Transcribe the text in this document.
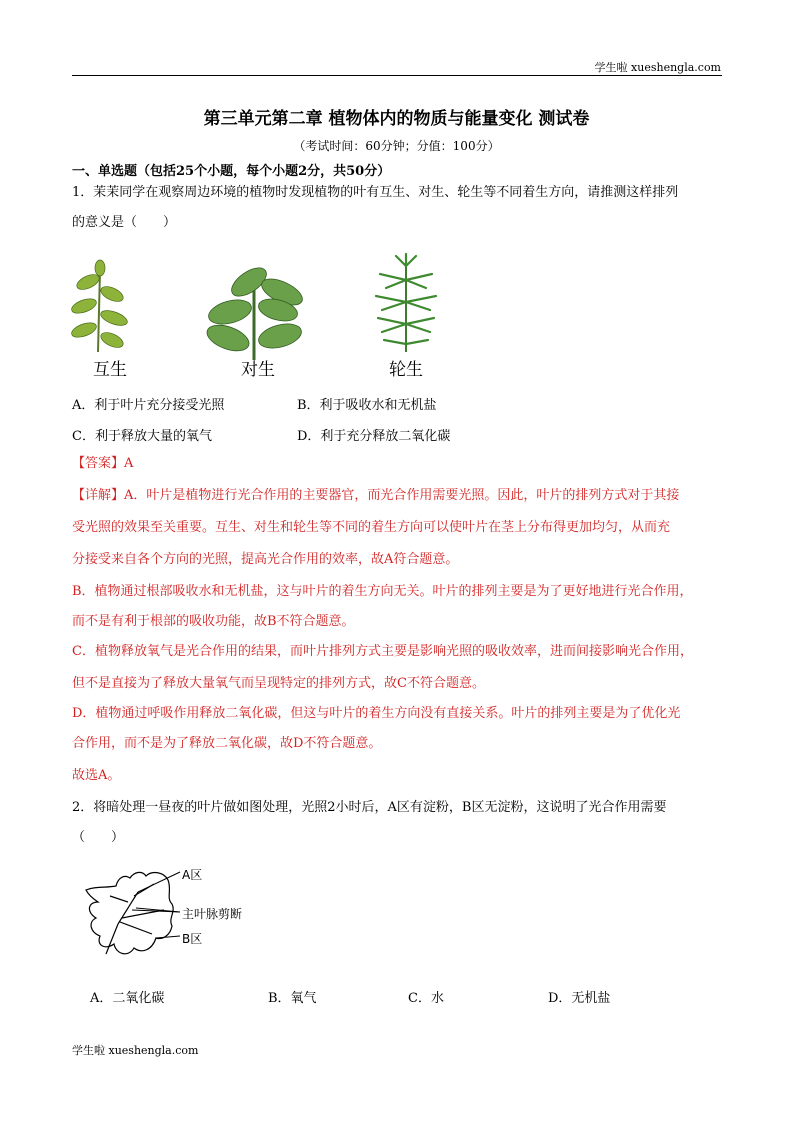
学生啦 xueshengla.com
第三单元第二章 植物体内的物质与能量变化 测试卷
（考试时间：60分钟；分值：100分）
一、单选题（包括25个小题，每个小题2分，共50分）
1．茉茉同学在观察周边环境的植物时发现植物的叶有互生、对生、轮生等不同着生方向，请推测这样排列
的意义是（　　）
互生	对生	轮生
A．利于叶片充分接受光照	B．利于吸收水和无机盐
C．利于释放大量的氧气	D．利于充分释放二氧化碳
【答案】A
【详解】A．叶片是植物进行光合作用的主要器官，而光合作用需要光照。因此，叶片的排列方式对于其接
受光照的效果至关重要。互生、对生和轮生等不同的着生方向可以使叶片在茎上分布得更加均匀，从而充
分接受来自各个方向的光照，提高光合作用的效率，故A符合题意。
B．植物通过根部吸收水和无机盐，这与叶片的着生方向无关。叶片的排列主要是为了更好地进行光合作用，
而不是有利于根部的吸收功能，故B不符合题意。
C．植物释放氧气是光合作用的结果，而叶片排列方式主要是影响光照的吸收效率，进而间接影响光合作用，
但不是直接为了释放大量氧气而呈现特定的排列方式，故C不符合题意。
D．植物通过呼吸作用释放二氧化碳，但这与叶片的着生方向没有直接关系。叶片的排列主要是为了优化光
合作用，而不是为了释放二氧化碳，故D不符合题意。
故选A。
2．将暗处理一昼夜的叶片做如图处理，光照2小时后，A区有淀粉，B区无淀粉，这说明了光合作用需要
（　　）
A区
主叶脉剪断
B区
A．二氧化碳	B．氧气	C．水	D．无机盐
学生啦 xueshengla.com
